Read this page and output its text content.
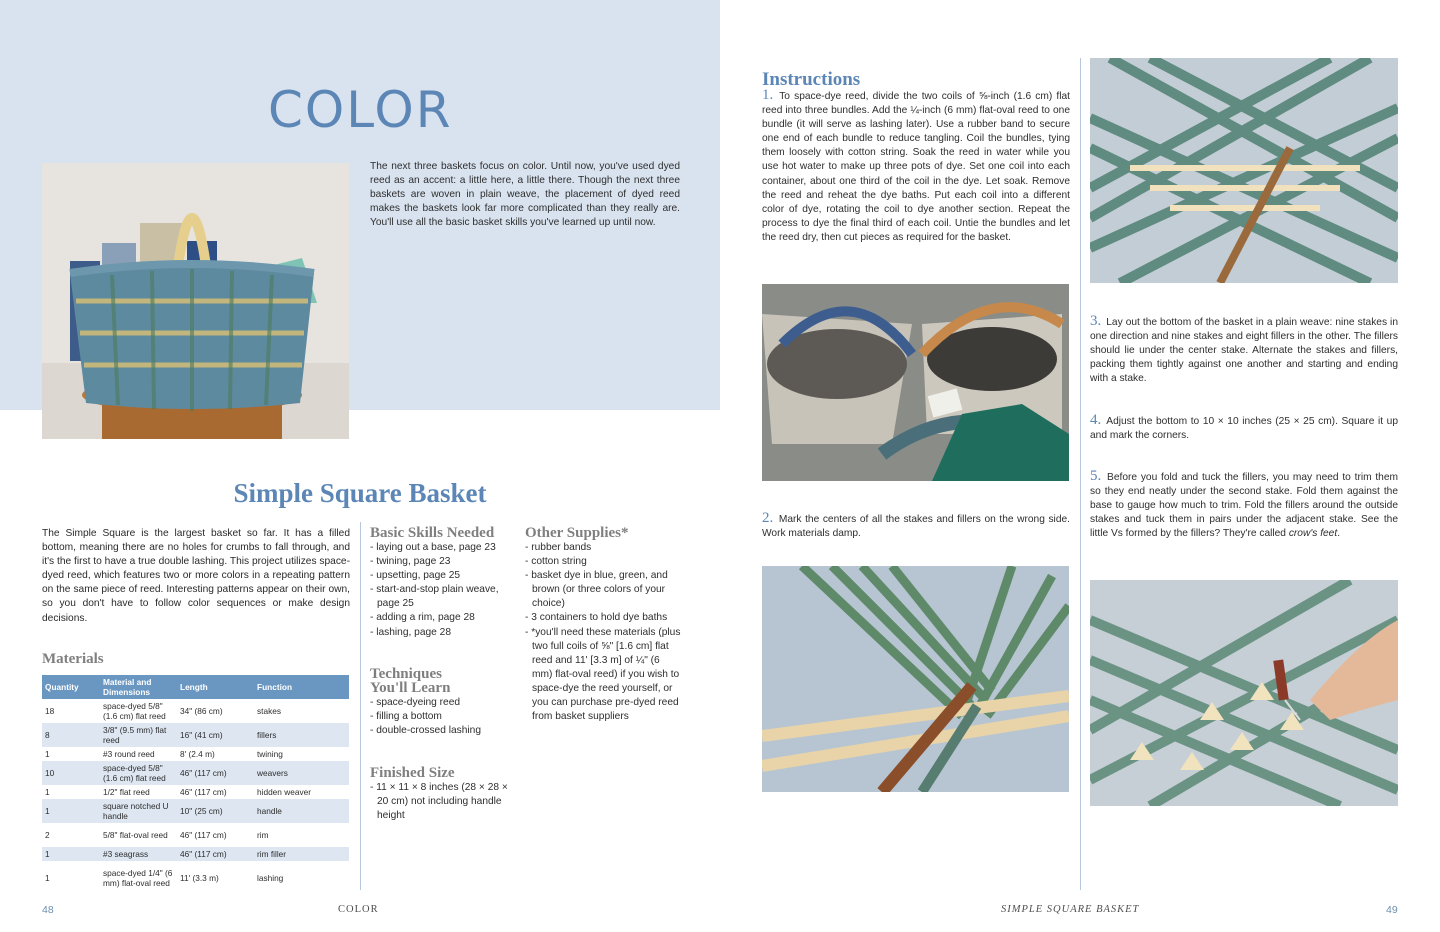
COLOR

The next three baskets focus on color. Until now, you've used dyed reed as an accent: a little here, a little there. Though the next three baskets are woven in plain weave, the placement of dyed reed makes the baskets look far more complicated than they really are. You'll use all the basic basket skills you've learned up until now.

Simple Square Basket

The Simple Square is the largest basket so far. It has a filled bottom, meaning there are no holes for crumbs to fall through, and it's the first to have a true double lashing. This project utilizes space-dyed reed, which features two or more colors in a repeating pattern on the same piece of reed. Interesting patterns appear on their own, so you don't have to follow color sequences or make design decisions.

Materials
Quantity	Material and Dimensions	Length	Function
18	space-dyed 5/8" (1.6 cm) flat reed	34" (86 cm)	stakes
8	3/8" (9.5 mm) flat reed	16" (41 cm)	fillers
1	#3 round reed	8' (2.4 m)	twining
10	space-dyed 5/8" (1.6 cm) flat reed	46" (117 cm)	weavers
1	1/2" flat reed	46" (117 cm)	hidden weaver
1	square notched U handle	10" (25 cm)	handle
2	5/8" flat-oval reed	46" (117 cm)	rim
1	#3 seagrass	46" (117 cm)	rim filler
1	space-dyed 1/4" (6 mm) flat-oval reed	11' (3.3 m)	lashing
Basic Skills Needed
- laying out a base, page 23
- twining, page 23
- upsetting, page 25
- start-and-stop plain weave, page 25
- adding a rim, page 28
- lashing, page 28
Techniques
You'll Learn
- space-dyeing reed
- filling a bottom
- double-crossed lashing
Finished Size
- 11 × 11 × 8 inches (28 × 28 × 20 cm) not including handle height
Other Supplies*
- rubber bands
- cotton string
- basket dye in blue, green, and brown (or three colors of your choice)
- 3 containers to hold dye baths
- *you'll need these materials (plus two full coils of ⅝" [1.6 cm] flat reed and 11' [3.3 m] of ¼" (6 mm) flat-oval reed) if you wish to space-dye the reed yourself, or you can purchase pre-dyed reed from basket suppliers
48	COLOR
Instructions

1. To space-dye reed, divide the two coils of ⅝-inch (1.6 cm) flat reed into three bundles. Add the ¼-inch (6 mm) flat-oval reed to one bundle (it will serve as lashing later). Use a rubber band to secure one end of each bundle to reduce tangling. Coil the bundles, tying them loosely with cotton string. Soak the reed in water while you use hot water to make up three pots of dye. Set one coil into each container, about one third of the coil in the dye. Let soak. Remove the reed and reheat the dye baths. Put each coil into a different color of dye, rotating the coil to dye another section. Repeat the process to dye the final third of each coil. Untie the bundles and let the reed dry, then cut pieces as required for the basket.

2. Mark the centers of all the stakes and fillers on the wrong side. Work materials damp.

3. Lay out the bottom of the basket in a plain weave: nine stakes in one direction and nine stakes and eight fillers in the other. The fillers should lie under the center stake. Alternate the stakes and fillers, packing them tightly against one another and starting and ending with a stake.

4. Adjust the bottom to 10 × 10 inches (25 × 25 cm). Square it up and mark the corners.

5. Before you fold and tuck the fillers, you may need to trim them so they end neatly under the second stake. Fold them against the base to gauge how much to trim. Fold the fillers around the outside stakes and tuck them in pairs under the adjacent stake. See the little Vs formed by the fillers? They're called crow's feet.

SIMPLE SQUARE BASKET	49
